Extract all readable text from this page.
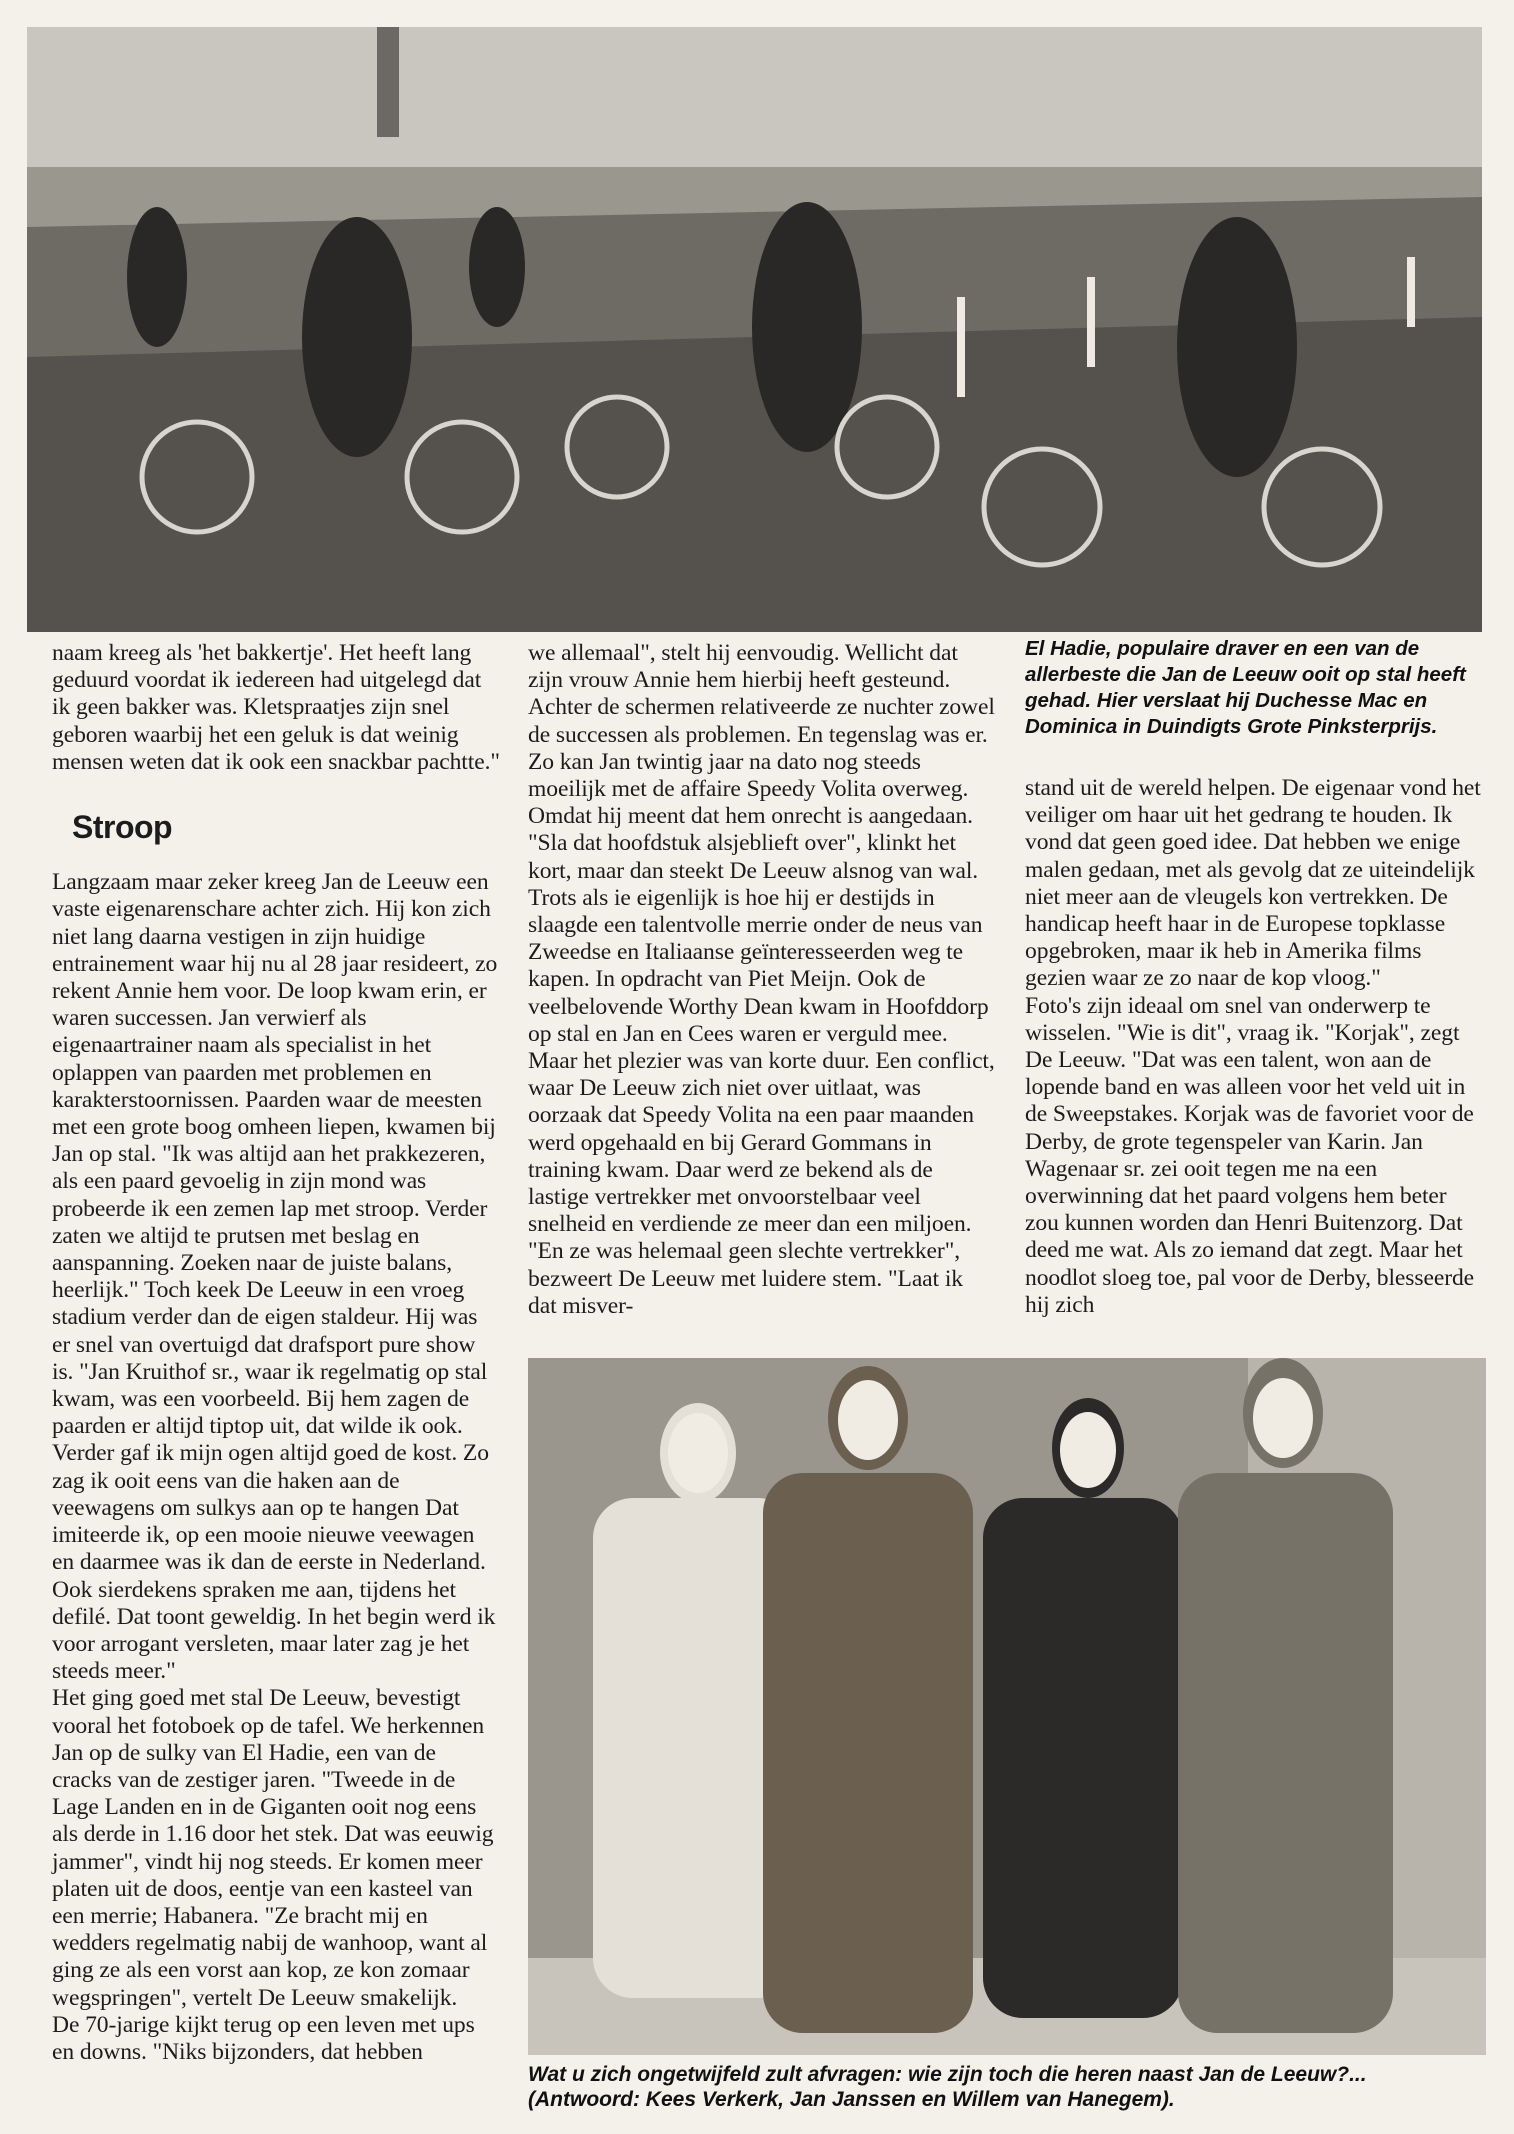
naam kreeg als 'het bakkertje'. Het heeft lang geduurd voordat ik iedereen had uitgelegd dat ik geen bakker was. Kletspraatjes zijn snel geboren waarbij het een geluk is dat weinig mensen weten dat ik ook een snackbar pachtte."

Stroop

Langzaam maar zeker kreeg Jan de Leeuw een vaste eigenarenschare achter zich. Hij kon zich niet lang daarna vestigen in zijn huidige entrainement waar hij nu al 28 jaar resideert, zo rekent Annie hem voor. De loop kwam erin, er waren successen. Jan verwierf als eigenaartrainer naam als specialist in het oplappen van paarden met problemen en karakterstoornissen. Paarden waar de meesten met een grote boog omheen liepen, kwamen bij Jan op stal. "Ik was altijd aan het prakkezeren, als een paard gevoelig in zijn mond was probeerde ik een zemen lap met stroop. Verder zaten we altijd te prutsen met beslag en aanspanning. Zoeken naar de juiste balans, heerlijk." Toch keek De Leeuw in een vroeg stadium verder dan de eigen staldeur. Hij was er snel van overtuigd dat drafsport pure show is. "Jan Kruithof sr., waar ik regelmatig op stal kwam, was een voorbeeld. Bij hem zagen de paarden er altijd tiptop uit, dat wilde ik ook. Verder gaf ik mijn ogen altijd goed de kost. Zo zag ik ooit eens van die haken aan de veewagens om sulkys aan op te hangen Dat imiteerde ik, op een mooie nieuwe veewagen en daarmee was ik dan de eerste in Nederland. Ook sierdekens spraken me aan, tijdens het defilé. Dat toont geweldig. In het begin werd ik voor arrogant versleten, maar later zag je het steeds meer."

Het ging goed met stal De Leeuw, bevestigt vooral het fotoboek op de tafel. We herkennen Jan op de sulky van El Hadie, een van de cracks van de zestiger jaren. "Tweede in de Lage Landen en in de Giganten ooit nog eens als derde in 1.16 door het stek. Dat was eeuwig jammer", vindt hij nog steeds. Er komen meer platen uit de doos, eentje van een kasteel van een merrie; Habanera. "Ze bracht mij en wedders regelmatig nabij de wanhoop, want al ging ze als een vorst aan kop, ze kon zomaar wegspringen", vertelt De Leeuw smakelijk.

De 70-jarige kijkt terug op een leven met ups en downs. "Niks bijzonders, dat hebben

we allemaal", stelt hij eenvoudig. Wellicht dat zijn vrouw Annie hem hierbij heeft gesteund. Achter de schermen relativeerde ze nuchter zowel de successen als problemen. En tegenslag was er. Zo kan Jan twintig jaar na dato nog steeds moeilijk met de affaire Speedy Volita overweg. Omdat hij meent dat hem onrecht is aangedaan. "Sla dat hoofdstuk alsjeblieft over", klinkt het kort, maar dan steekt De Leeuw alsnog van wal. Trots als ie eigenlijk is hoe hij er destijds in slaagde een talentvolle merrie onder de neus van Zweedse en Italiaanse geïnteresseerden weg te kapen. In opdracht van Piet Meijn. Ook de veelbelovende Worthy Dean kwam in Hoofddorp op stal en Jan en Cees waren er verguld mee. Maar het plezier was van korte duur. Een conflict, waar De Leeuw zich niet over uitlaat, was oorzaak dat Speedy Volita na een paar maanden werd opgehaald en bij Gerard Gommans in training kwam. Daar werd ze bekend als de lastige vertrekker met onvoorstelbaar veel snelheid en verdiende ze meer dan een miljoen. "En ze was helemaal geen slechte vertrekker", bezweert De Leeuw met luidere stem. "Laat ik dat misver-

stand uit de wereld helpen. De eigenaar vond het veiliger om haar uit het gedrang te houden. Ik vond dat geen goed idee. Dat hebben we enige malen gedaan, met als gevolg dat ze uiteindelijk niet meer aan de vleugels kon vertrekken. De handicap heeft haar in de Europese topklasse opgebroken, maar ik heb in Amerika films gezien waar ze zo naar de kop vloog."

Foto's zijn ideaal om snel van onderwerp te wisselen. "Wie is dit", vraag ik. "Korjak", zegt De Leeuw. "Dat was een talent, won aan de lopende band en was alleen voor het veld uit in de Sweepstakes. Korjak was de favoriet voor de Derby, de grote tegenspeler van Karin. Jan Wagenaar sr. zei ooit tegen me na een overwinning dat het paard volgens hem beter zou kunnen worden dan Henri Buitenzorg. Dat deed me wat. Als zo iemand dat zegt. Maar het noodlot sloeg toe, pal voor de Derby, blesseerde hij zich

El Hadie, populaire draver en een van de allerbeste die Jan de Leeuw ooit op stal heeft gehad. Hier verslaat hij Duchesse Mac en Dominica in Duindigts Grote Pinksterprijs.
Wat u zich ongetwijfeld zult afvragen: wie zijn toch die heren naast Jan de Leeuw?...
(Antwoord: Kees Verkerk, Jan Janssen en Willem van Hanegem).
